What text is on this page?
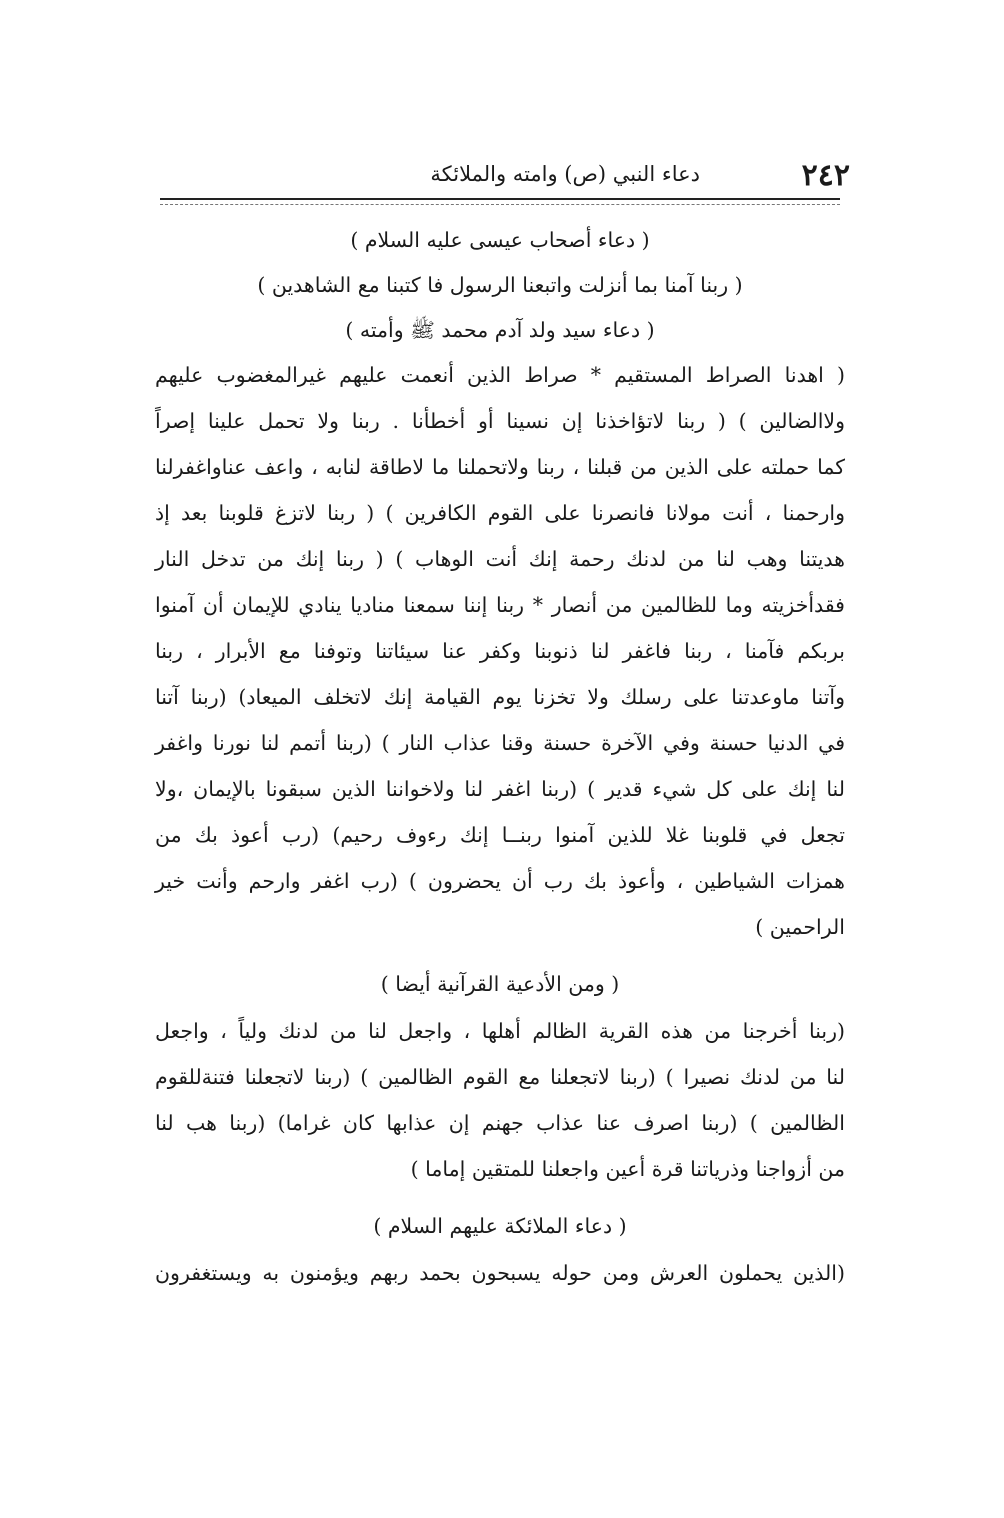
٢٤٢
دعاء النبي (ص) وامته والملائكة
( دعاء أصحاب عيسى عليه السلام )
( ربنا آمنا بما أنزلت واتبعنا الرسول فا كتبنا مع الشاهدين )
( دعاء سيد ولد آدم محمد ﷺ وأمته )
( اهدنا الصراط المستقيم * صراط الذين أنعمت عليهم غيرالمغضوب عليهم
ولاالضالين ) ( ربنا لاتؤاخذنا إن نسينا أو أخطأنا . ربنا ولا تحمل علينا إصراً
كما حملته على الذين من قبلنا ، ربنا ولاتحملنا ما لاطاقة لنابه ، واعف عناواغفرلنا
وارحمنا ، أنت مولانا فانصرنا على القوم الكافرين ) ( ربنا لاتزغ قلوبنا بعد إذ
هديتنا وهب لنا من لدنك رحمة إنك أنت الوهاب ) ( ربنا إنك من تدخل النار
فقدأخزيته وما للظالمين من أنصار * ربنا إننا سمعنا مناديا ينادي للإيمان أن آمنوا
بربكم فآمنا ، ربنا فاغفر لنا ذنوبنا وكفر عنا سيئاتنا وتوفنا مع الأبرار ، ربنا
وآتنا ماوعدتنا على رسلك ولا تخزنا يوم القيامة إنك لاتخلف الميعاد) (ربنا آتنا
في الدنيا حسنة وفي الآخرة حسنة وقنا عذاب النار ) (ربنا أتمم لنا نورنا واغفر
لنا إنك على كل شيء قدير ) (ربنا اغفر لنا ولاخواننا الذين سبقونا بالإيمان ،ولا
تجعل في قلوبنا غلا للذين آمنوا ربنــا إنك رءوف رحيم) (رب أعوذ بك من
همزات الشياطين ، وأعوذ بك رب أن يحضرون ) (رب اغفر وارحم وأنت خير
الراحمين )
( ومن الأدعية القرآنية أيضا )
(ربنا أخرجنا من هذه القرية الظالم أهلها ، واجعل لنا من لدنك ولياً ، واجعل
لنا من لدنك نصيرا ) (ربنا لاتجعلنا مع القوم الظالمين ) (ربنا لاتجعلنا فتنةللقوم
الظالمين ) (ربنا اصرف عنا عذاب جهنم إن عذابها كان غراما) (ربنا هب لنا
من أزواجنا وذرياتنا قرة أعين واجعلنا للمتقين إماما )
( دعاء الملائكة عليهم السلام )
(الذين يحملون العرش ومن حوله يسبحون بحمد ربهم ويؤمنون به ويستغفرون
